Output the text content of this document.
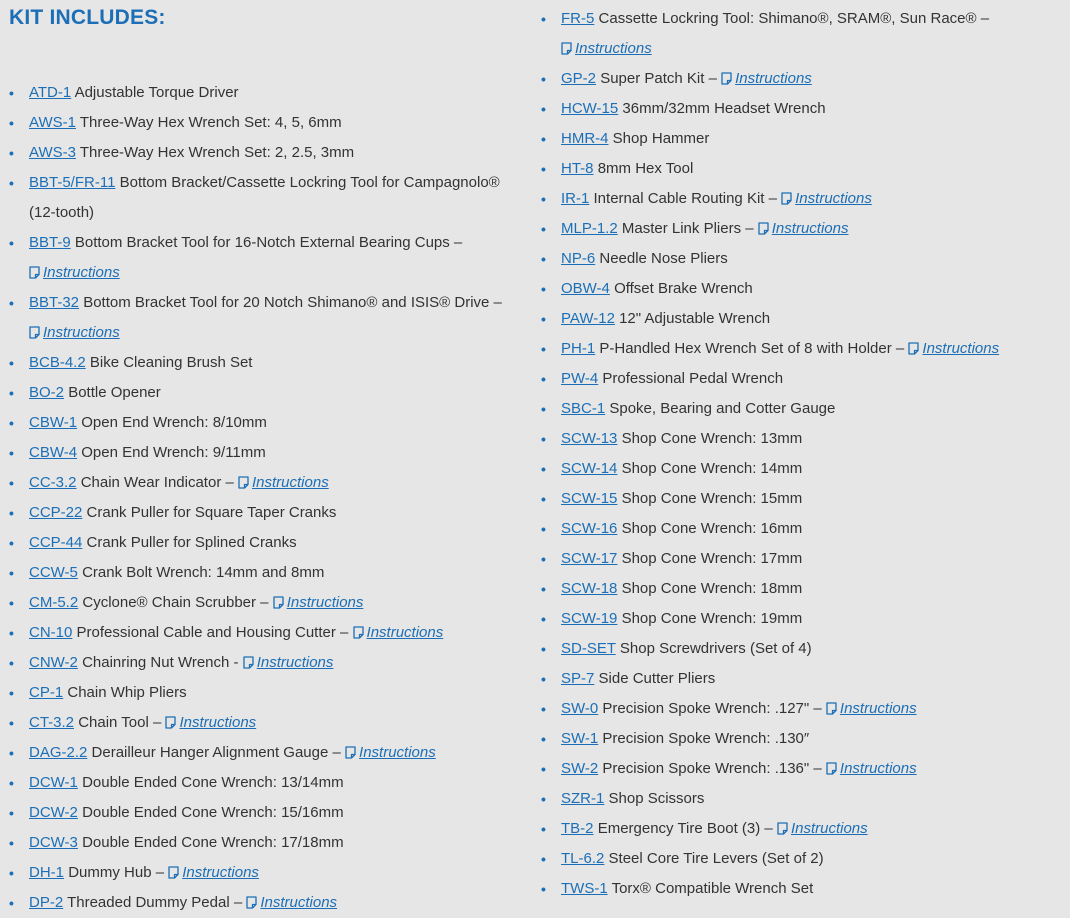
KIT INCLUDES:
• ATD-1 Adjustable Torque Driver
• AWS-1 Three-Way Hex Wrench Set: 4, 5, 6mm
• AWS-3 Three-Way Hex Wrench Set: 2, 2.5, 3mm
• BBT-5/FR-11 Bottom Bracket/Cassette Lockring Tool for Campagnolo® (12-tooth)
• BBT-9 Bottom Bracket Tool for 16-Notch External Bearing Cups –
Instructions
• BBT-32 Bottom Bracket Tool for 20 Notch Shimano® and ISIS® Drive –
Instructions
• BCB-4.2 Bike Cleaning Brush Set
• BO-2 Bottle Opener
• CBW-1 Open End Wrench: 8/10mm
• CBW-4 Open End Wrench: 9/11mm
• CC-3.2 Chain Wear Indicator –
Instructions
• CCP-22 Crank Puller for Square Taper Cranks
• CCP-44 Crank Puller for Splined Cranks
• CCW-5 Crank Bolt Wrench: 14mm and 8mm
• CM-5.2 Cyclone® Chain Scrubber –
Instructions
• CN-10 Professional Cable and Housing Cutter –
Instructions
• CNW-2 Chainring Nut Wrench -
Instructions
• CP-1 Chain Whip Pliers
• CT-3.2 Chain Tool –
Instructions
• DAG-2.2 Derailleur Hanger Alignment Gauge –
Instructions
• DCW-1 Double Ended Cone Wrench: 13/14mm
• DCW-2 Double Ended Cone Wrench: 15/16mm
• DCW-3 Double Ended Cone Wrench: 17/18mm
• DH-1 Dummy Hub –
Instructions
• DP-2 Threaded Dummy Pedal –
Instructions
• FR-5 Cassette Lockring Tool: Shimano®, SRAM®, Sun Race® –
Instructions
• GP-2 Super Patch Kit –
Instructions
• HCW-15 36mm/32mm Headset Wrench
• HMR-4 Shop Hammer
• HT-8 8mm Hex Tool
• IR-1 Internal Cable Routing Kit –
Instructions
• MLP-1.2 Master Link Pliers –
Instructions
• NP-6 Needle Nose Pliers
• OBW-4 Offset Brake Wrench
• PAW-12 12" Adjustable Wrench
• PH-1 P-Handled Hex Wrench Set of 8 with Holder –
Instructions
• PW-4 Professional Pedal Wrench
• SBC-1 Spoke, Bearing and Cotter Gauge
• SCW-13 Shop Cone Wrench: 13mm
• SCW-14 Shop Cone Wrench: 14mm
• SCW-15 Shop Cone Wrench: 15mm
• SCW-16 Shop Cone Wrench: 16mm
• SCW-17 Shop Cone Wrench: 17mm
• SCW-18 Shop Cone Wrench: 18mm
• SCW-19 Shop Cone Wrench: 19mm
• SD-SET Shop Screwdrivers (Set of 4)
• SP-7 Side Cutter Pliers
• SW-0 Precision Spoke Wrench: .127" –
Instructions
• SW-1 Precision Spoke Wrench: .130″
• SW-2 Precision Spoke Wrench: .136" –
Instructions
• SZR-1 Shop Scissors
• TB-2 Emergency Tire Boot (3) –
Instructions
• TL-6.2 Steel Core Tire Levers (Set of 2)
• TWS-1 Torx® Compatible Wrench Set
